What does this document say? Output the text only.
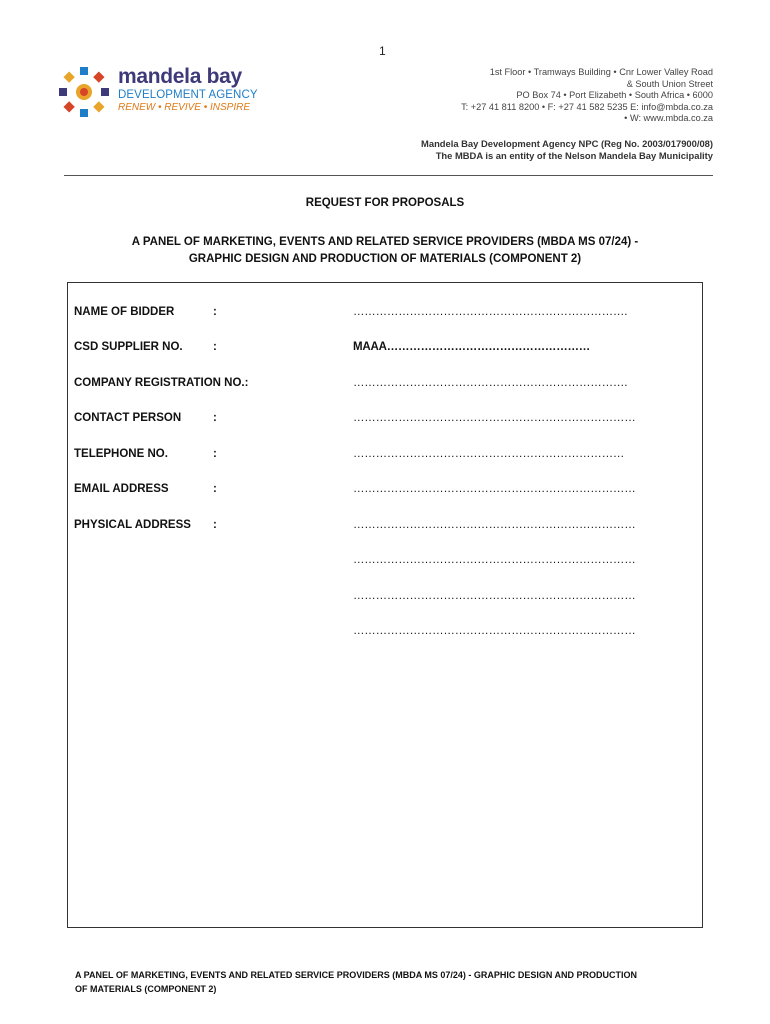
1
mandela bay
DEVELOPMENT AGENCY
RENEW • REVIVE • INSPIRE
1st Floor • Tramways Building • Cnr Lower Valley Road
& South Union Street
PO Box 74 • Port Elizabeth • South Africa • 6000
T: +27 41 811 8200 • F: +27 41 582 5235 E: info@mbda.co.za
• W: www.mbda.co.za
Mandela Bay Development Agency NPC (Reg No. 2003/017900/08)
The MBDA is an entity of the Nelson Mandela Bay Municipality
REQUEST FOR PROPOSALS
A PANEL OF MARKETING, EVENTS AND RELATED SERVICE PROVIDERS (MBDA MS 07/24) -
GRAPHIC DESIGN AND PRODUCTION OF MATERIALS (COMPONENT 2)
NAME OF BIDDER	:	……………………………………………………………….
CSD SUPPLIER NO.	:	MAAA………………………………………………
COMPANY REGISTRATION NO.:	……………………………………………………………….
CONTACT PERSON	:	…………………………………………………………………
TELEPHONE NO.	:	………………………………………………………………
EMAIL ADDRESS	:	…………………………………………………………………
PHYSICAL ADDRESS :	…………………………………………………………………
…………………………………………………………………
…………………………………………………………………
…………………………………………………………………
A PANEL OF MARKETING, EVENTS AND RELATED SERVICE PROVIDERS (MBDA MS 07/24) - GRAPHIC DESIGN AND PRODUCTION
OF MATERIALS (COMPONENT 2)
